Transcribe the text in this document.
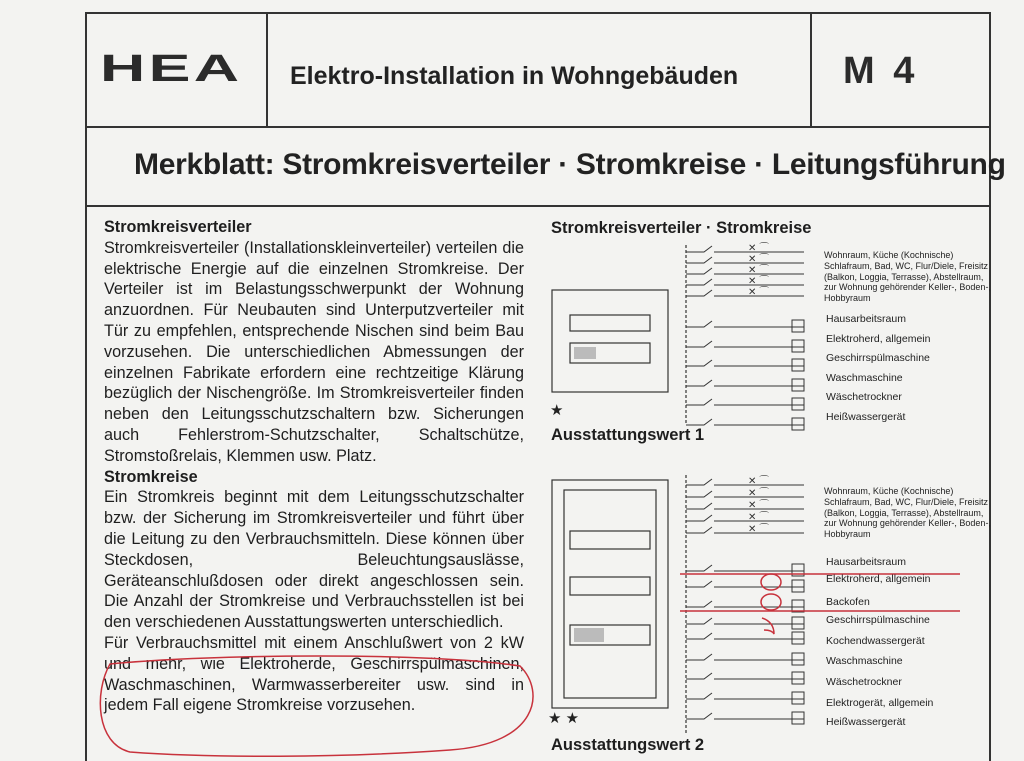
HEA Elektro-Installation in Wohngebäuden	M 4
Merkblatt: Stromkreisverteiler · Stromkreise · Leitungsführung

Stromkreisverteiler

Stromkreisverteiler (Installationskleinverteiler) verteilen die elektrische Energie auf die einzelnen Stromkreise. Der Verteiler ist im Belastungsschwerpunkt der Wohnung anzuordnen. Für Neubauten sind Unterputzverteiler mit Tür zu empfehlen, entsprechende Nischen sind beim Bau vorzusehen. Die unterschiedlichen Abmessungen der einzelnen Fabrikate erfordern eine rechtzeitige Klärung bezüglich der Nischengröße. Im Stromkreisverteiler finden neben den Leitungsschutzschaltern bzw. Sicherungen auch Fehlerstrom-Schutzschalter, Schaltschütze, Stromstoßrelais, Klemmen usw. Platz.

Stromkreise

Ein Stromkreis beginnt mit dem Leitungsschutzschalter bzw. der Sicherung im Stromkreisverteiler und führt über die Leitung zu den Verbrauchsmitteln. Diese können über Steckdosen, Beleuchtungsauslässe, Geräteanschlußdosen oder direkt angeschlossen sein. Die Anzahl der Stromkreise und Verbrauchsstellen ist bei den verschiedenen Ausstattungswerten unterschiedlich.

Für Verbrauchsmittel mit einem Anschlußwert von 2 kW und mehr, wie Elektroherde, Geschirrspülmaschinen, Waschmaschinen, Warmwasserbereiter usw. sind in jedem Fall eigene Stromkreise vorzusehen.

Stromkreisverteiler · Stromkreise
✕ ⌒
✕ ⌒
✕ ⌒
✕ ⌒
✕ ⌒
✕ ⌒
✕ ⌒
✕ ⌒
✕ ⌒
✕ ⌒
★
★ ★
Wohnraum, Küche (Kochnische) Schlafraum, Bad, WC, Flur/Diele, Freisitz (Balkon, Loggia, Terrasse), Abstellraum, zur Wohnung gehörender Keller-, Boden-, Hobbyraum
Wohnraum, Küche (Kochnische) Schlafraum, Bad, WC, Flur/Diele, Freisitz (Balkon, Loggia, Terrasse), Abstellraum, zur Wohnung gehörender Keller-, Boden-, Hobbyraum
Hausarbeitsraum
Elektroherd, allgemein
Geschirrspülmaschine
Waschmaschine
Wäschetrockner
Heißwassergerät
Hausarbeitsraum
Elektroherd, allgemein
Backofen
Geschirrspülmaschine
Kochendwassergerät
Waschmaschine
Wäschetrockner
Elektrogerät, allgemein
Heißwassergerät
Ausstattungswert 1
Ausstattungswert 2
